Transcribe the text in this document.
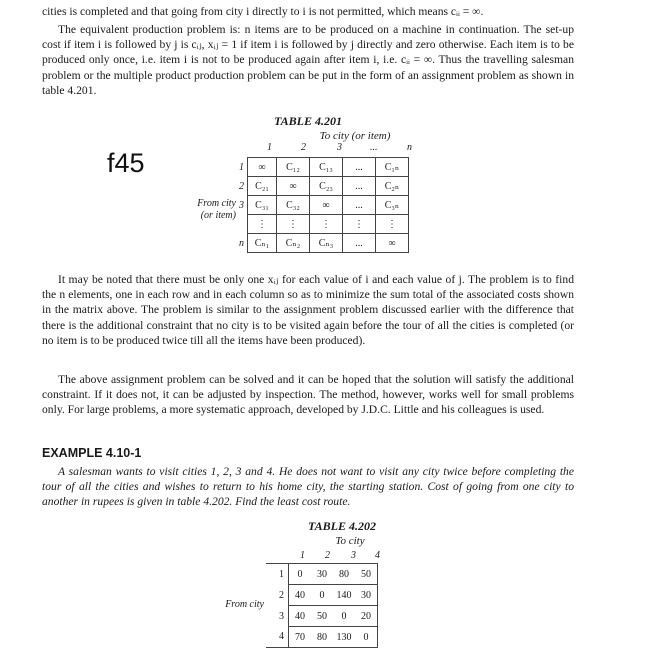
cities is completed and that going from city i directly to i is not permitted, which means cᵢᵢ = ∞.

The equivalent production problem is: n items are to be produced on a machine in continuation. The set-up cost if item i is followed by j is cᵢⱼ, xᵢⱼ = 1 if item i is followed by j directly and zero otherwise. Each item is to be produced only once, i.e. item i is not to be produced again after item i, i.e. cᵢᵢ = ∞. Thus the travelling salesman problem or the multiple product production problem can be put in the form of an assignment problem as shown in table 4.201.

TABLE 4.201
To city (or item)
1	2	3	...	n
From city
(or item)
1	∞	C₁₂	C₁₃	...	C₁ₙ
2	C₂₁	∞	C₂₃	...	C₂ₙ
3	C₃₁	C₃₂	∞	...	C₃ₙ
	⋮	⋮	⋮	⋮	⋮
n	Cₙ₁	Cₙ₂	Cₙ₃	...	∞

It may be noted that there must be only one xᵢⱼ for each value of i and each value of j. The problem is to find the n elements, one in each row and in each column so as to minimize the sum total of the associated costs shown in the matrix above. The problem is similar to the assignment problem discussed earlier with the difference that there is the additional constraint that no city is to be visited again before the tour of all the cities is completed (or no item is to be produced twice till all the items have been produced).

The above assignment problem can be solved and it can be hoped that the solution will satisfy the additional constraint. If it does not, it can be adjusted by inspection. The method, however, works well for small problems only. For large problems, a more systematic approach, developed by J.D.C. Little and his colleagues is used.

EXAMPLE 4.10-1

A salesman wants to visit cities 1, 2, 3 and 4. He does not want to visit any city twice before completing the tour of all the cities and wishes to return to his home city, the starting station. Cost of going from one city to another in rupees is given in table 4.202. Find the least cost route.

TABLE 4.202
To city
1 2 3 4
From city
1	0	30	80	50
2	40	0	140	30
3	40	50	0	20
4	70	80	130	0
f45
